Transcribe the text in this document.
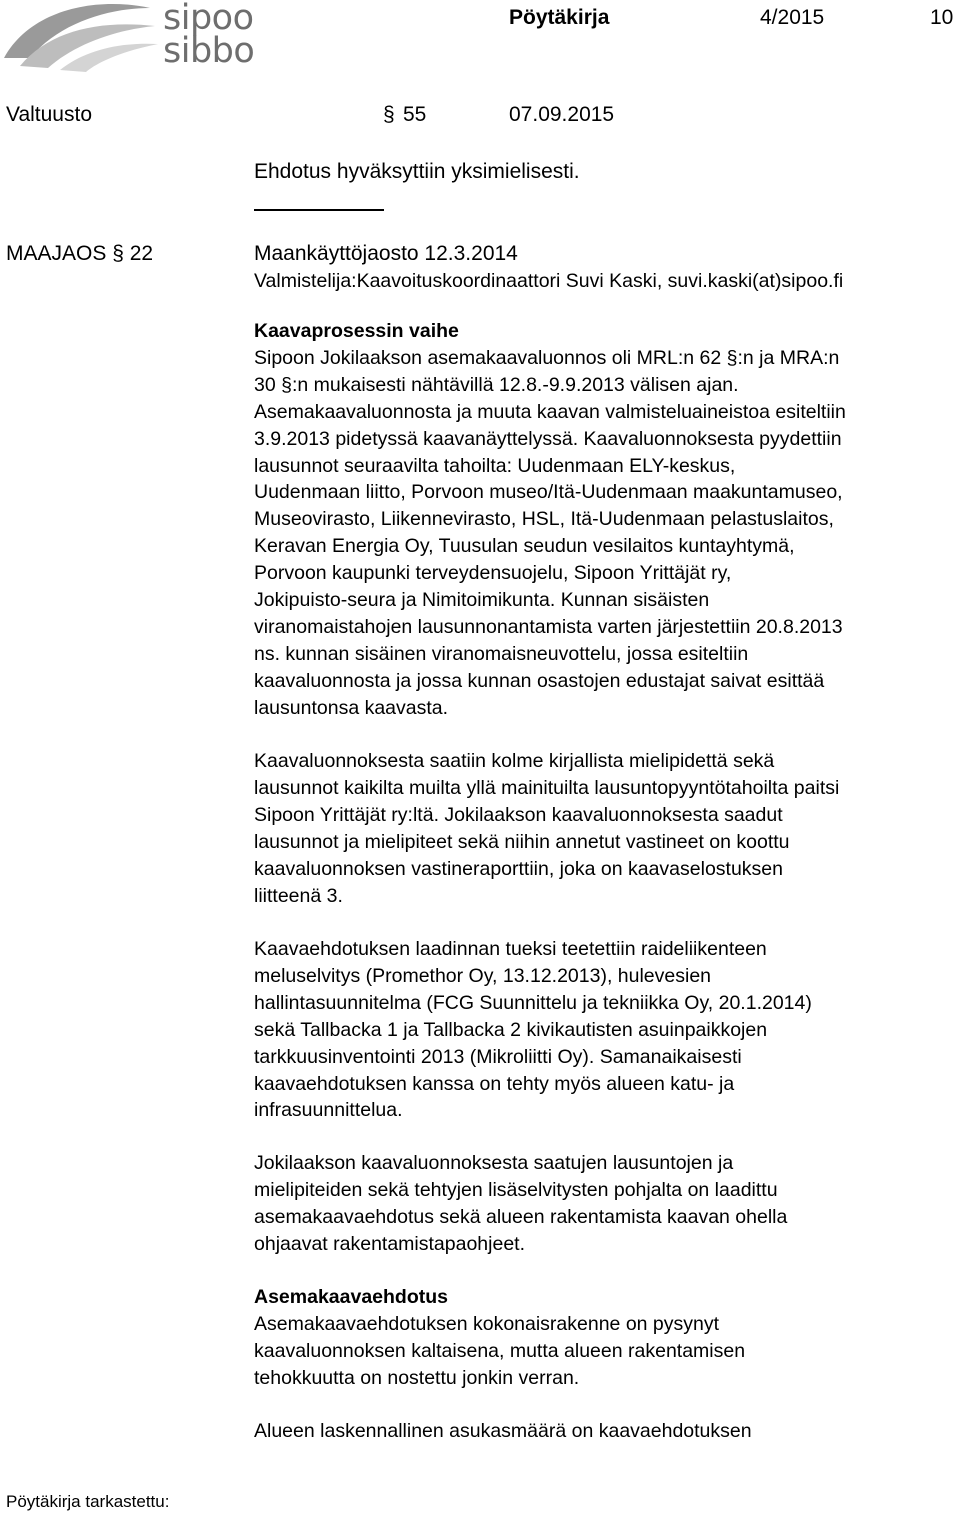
sipoo
sibbo
Pöytäkirja	4/2015	10
Valtuusto	§ 55	07.09.2015
Ehdotus hyväksyttiin yksimielisesti.
MAAJAOS § 22	Maankäyttöjaosto 12.3.2014
Valmistelija:Kaavoituskoordinaattori Suvi Kaski, suvi.kaski(at)sipoo.fi

Kaavaprosessin vaihe

Sipoon Jokilaakson asemakaavaluonnos oli MRL:n 62 §:n ja MRA:n

30 §:n mukaisesti nähtävillä 12.8.-9.9.2013 välisen ajan.

Asemakaavaluonnosta ja muuta kaavan valmisteluaineistoa esiteltiin

3.9.2013 pidetyssä kaavanäyttelyssä. Kaavaluonnoksesta pyydettiin

lausunnot seuraavilta tahoilta: Uudenmaan ELY-keskus,

Uudenmaan liitto, Porvoon museo/Itä-Uudenmaan maakuntamuseo,

Museovirasto, Liikennevirasto, HSL, Itä-Uudenmaan pelastuslaitos,

Keravan Energia Oy, Tuusulan seudun vesilaitos kuntayhtymä,

Porvoon kaupunki terveydensuojelu, Sipoon Yrittäjät ry,

Jokipuisto-seura ja Nimitoimikunta. Kunnan sisäisten

viranomaistahojen lausunnonantamista varten järjestettiin 20.8.2013

ns. kunnan sisäinen viranomaisneuvottelu, jossa esiteltiin

kaavaluonnosta ja jossa kunnan osastojen edustajat saivat esittää

lausuntonsa kaavasta.

Kaavaluonnoksesta saatiin kolme kirjallista mielipidettä sekä

lausunnot kaikilta muilta yllä mainituilta lausuntopyyntötahoilta paitsi

Sipoon Yrittäjät ry:ltä. Jokilaakson kaavaluonnoksesta saadut

lausunnot ja mielipiteet sekä niihin annetut vastineet on koottu

kaavaluonnoksen vastineraporttiin, joka on kaavaselostuksen

liitteenä 3.

Kaavaehdotuksen laadinnan tueksi teetettiin raideliikenteen

meluselvitys (Promethor Oy, 13.12.2013), hulevesien

hallintasuunnitelma (FCG Suunnittelu ja tekniikka Oy, 20.1.2014)

sekä Tallbacka 1 ja Tallbacka 2 kivikautisten asuinpaikkojen

tarkkuusinventointi 2013 (Mikroliitti Oy). Samanaikaisesti

kaavaehdotuksen kanssa on tehty myös alueen katu- ja

infrasuunnittelua.

Jokilaakson kaavaluonnoksesta saatujen lausuntojen ja

mielipiteiden sekä tehtyjen lisäselvitysten pohjalta on laadittu

asemakaavaehdotus sekä alueen rakentamista kaavan ohella

ohjaavat rakentamistapaohjeet.

Asemakaavaehdotus

Asemakaavaehdotuksen kokonaisrakenne on pysynyt

kaavaluonnoksen kaltaisena, mutta alueen rakentamisen

tehokkuutta on nostettu jonkin verran.

Alueen laskennallinen asukasmäärä on kaavaehdotuksen

Pöytäkirja tarkastettu:
